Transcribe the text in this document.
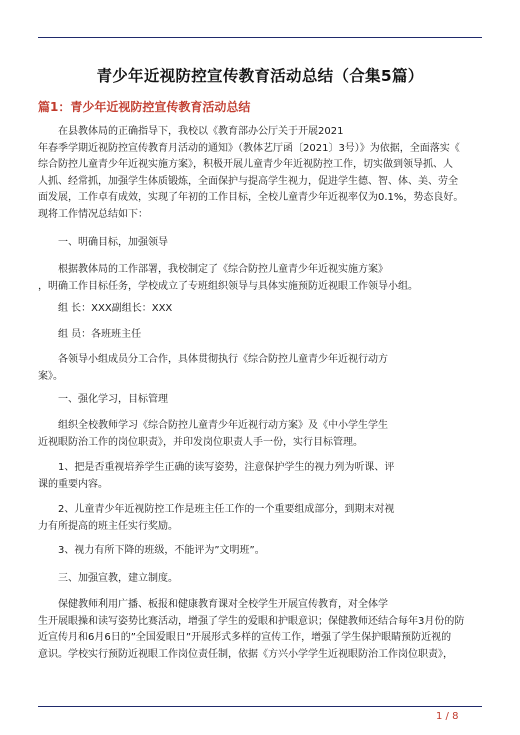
青少年近视防控宣传教育活动总结（合集5篇）
篇1：青少年近视防控宣传教育活动总结

在县教体局的正确指导下，我校以《教育部办公厅关于开展2021

年春季学期近视防控宣传教育月活动的通知》（教体艺厅函〔2021〕3号）》为依据，全面落实《

综合防控儿童青少年近视实施方案》，积极开展儿童青少年近视防控工作，切实做到领导抓、人

人抓、经常抓，加强学生体质锻炼，全面保护与提高学生视力，促进学生德、智、体、美、劳全

面发展，工作卓有成效，实现了年初的工作目标，全校儿童青少年近视率仅为0.1%，势态良好。

现将工作情况总结如下：

一、明确目标，加强领导

根据教体局的工作部署，我校制定了《综合防控儿童青少年近视实施方案》

，明确工作目标任务，学校成立了专班组织领导与具体实施预防近视眼工作领导小组。

组 长：XXX副组长：XXX

组 员：各班班主任

各领导小组成员分工合作，具体贯彻执行《综合防控儿童青少年近视行动方

案》。

一、强化学习，目标管理

组织全校教师学习《综合防控儿童青少年近视行动方案》及《中小学生学生

近视眼防治工作的岗位职责》，并印发岗位职责人手一份，实行目标管理。

1、把是否重视培养学生正确的读写姿势，注意保护学生的视力列为听课、评

课的重要内容。

2、儿童青少年近视防控工作是班主任工作的一个重要组成部分，到期末对视

力有所提高的班主任实行奖励。

3、视力有所下降的班级，不能评为”文明班”。

三、加强宣教，建立制度。

保健教师利用广播、板报和健康教育课对全校学生开展宣传教育，对全体学

生开展眼操和读写姿势比赛活动，增强了学生的爱眼和护眼意识；保健教师还结合每年3月份的防

近宣传月和6月6日的”全国爱眼日”开展形式多样的宣传工作，增强了学生保护眼睛预防近视的

意识。学校实行预防近视眼工作岗位责任制，依据《方兴小学学生近视眼防治工作岗位职责》，

1 / 8
